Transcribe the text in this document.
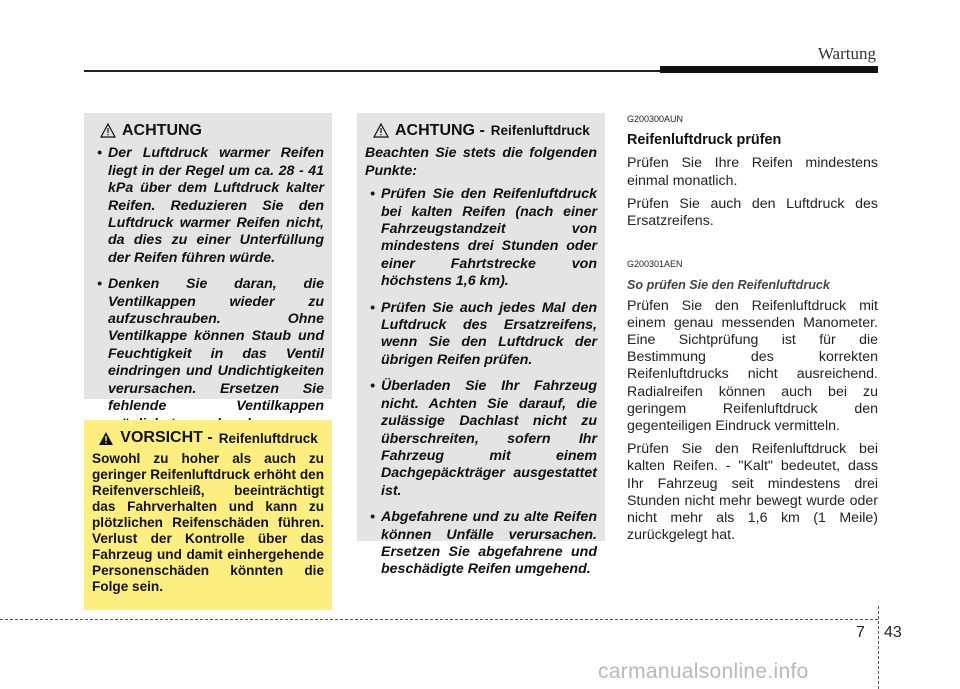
Wartung
ACHTUNG
• Der Luftdruck warmer Reifen liegt in der Regel um ca. 28 - 41 kPa über dem Luftdruck kalter Reifen. Reduzieren Sie den Luftdruck warmer Reifen nicht, da dies zu einer Unterfüllung der Reifen führen würde.
• Denken Sie daran, die Ventilkappen wieder zu aufzuschrauben. Ohne Ventilkappe können Staub und Feuchtigkeit in das Ventil eindringen und Undichtigkeiten verursachen. Ersetzen Sie fehlende Ventilkappen
VORSICHT - Reifenluftdruck
Sowohl zu hoher als auch zu geringer Reifenluftdruck erhöht den Reifenverschleiß, beeinträchtigt das Fahrverhalten und kann zu plötzlichen Reifenschäden führen. Verlust der Kontrolle über das Fahrzeug und damit einhergehende Personenschäden könnten die Folge sein.
ACHTUNG - Reifenluftdruck

Beachten Sie stets die folgenden Punkte:

• Prüfen Sie den Reifenluftdruck bei kalten Reifen (nach einer Fahrzeugstandzeit von mindestens drei Stunden oder einer Fahrtstrecke von höchstens 1,6 km).
• Prüfen Sie auch jedes Mal den Luftdruck des Ersatzreifens, wenn Sie den Luftdruck der übrigen Reifen prüfen.
• Überladen Sie Ihr Fahrzeug nicht. Achten Sie darauf, die zulässige Dachlast nicht zu überschreiten, sofern Ihr Fahrzeug mit einem Dachgepäckträger ausgestattet ist.
• Abgefahrene und zu alte Reifen können Unfälle verursachen. Ersetzen Sie abgefahrene und beschädigte Reifen umgehend.
G200300AUN
Reifenluftdruck prüfen

Prüfen Sie Ihre Reifen mindestens einmal monatlich.

Prüfen Sie auch den Luftdruck des Ersatzreifens.

G200301AEN
So prüfen Sie den Reifenluftdruck

Prüfen Sie den Reifenluftdruck mit einem genau messenden Manometer. Eine Sichtprüfung ist für die Bestimmung des korrekten Reifenluftdrucks nicht ausreichend. Radialreifen können auch bei zu geringem Reifenluftdruck den gegenteiligen Eindruck vermitteln.

Prüfen Sie den Reifenluftdruck bei kalten Reifen. - "Kalt" bedeutet, dass Ihr Fahrzeug seit mindestens drei Stunden nicht mehr bewegt wurde oder nicht mehr als 1,6 km (1 Meile) zurückgelegt hat.

7 43
carmanualsonline.info
